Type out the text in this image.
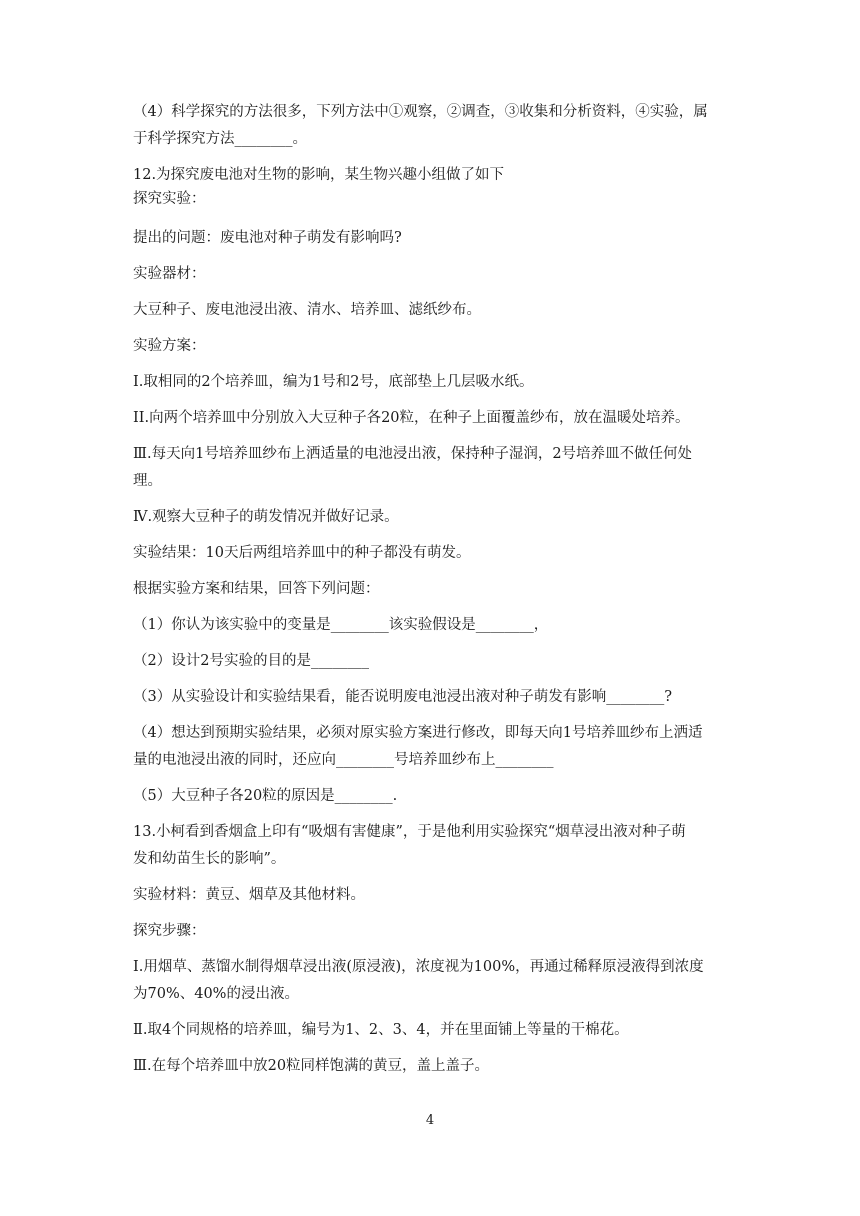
（4）科学探究的方法很多，下列方法中①观察，②调查，③收集和分析资料，④实验，属
于科学探究方法________。
12.为探究废电池对生物的影响，某生物兴趣小组做了如下
探究实验：
提出的问题：废电池对种子萌发有影响吗?
实验器材：
大豆种子、废电池浸出液、清水、培养皿、滤纸纱布。
实验方案：
I.取相同的2个培养皿，编为1号和2号，底部垫上几层吸水纸。
II.向两个培养皿中分别放入大豆种子各20粒，在种子上面覆盖纱布，放在温暖处培养。
Ⅲ.每天向1号培养皿纱布上洒适量的电池浸出液，保持种子湿润，2号培养皿不做任何处
理。
Ⅳ.观察大豆种子的萌发情况并做好记录。
实验结果：10天后两组培养皿中的种子都没有萌发。
根据实验方案和结果，回答下列问题：
（1）你认为该实验中的变量是________该实验假设是________，
（2）设计2号实验的目的是________
（3）从实验设计和实验结果看，能否说明废电池浸出液对种子萌发有影响________?
（4）想达到预期实验结果，必须对原实验方案进行修改，即每天向1号培养皿纱布上洒适
量的电池浸出液的同时，还应向________号培养皿纱布上________
（5）大豆种子各20粒的原因是________.
13.小柯看到香烟盒上印有“吸烟有害健康”，于是他利用实验探究“烟草浸出液对种子萌
发和幼苗生长的影响”。
实验材料：黄豆、烟草及其他材料。
探究步骤：
Ⅰ.用烟草、蒸馏水制得烟草浸出液(原浸液)，浓度视为100%，再通过稀释原浸液得到浓度
为70%、40%的浸出液。
Ⅱ.取4个同规格的培养皿，编号为1、2、3、4，并在里面铺上等量的干棉花。
Ⅲ.在每个培养皿中放20粒同样饱满的黄豆，盖上盖子。
4
